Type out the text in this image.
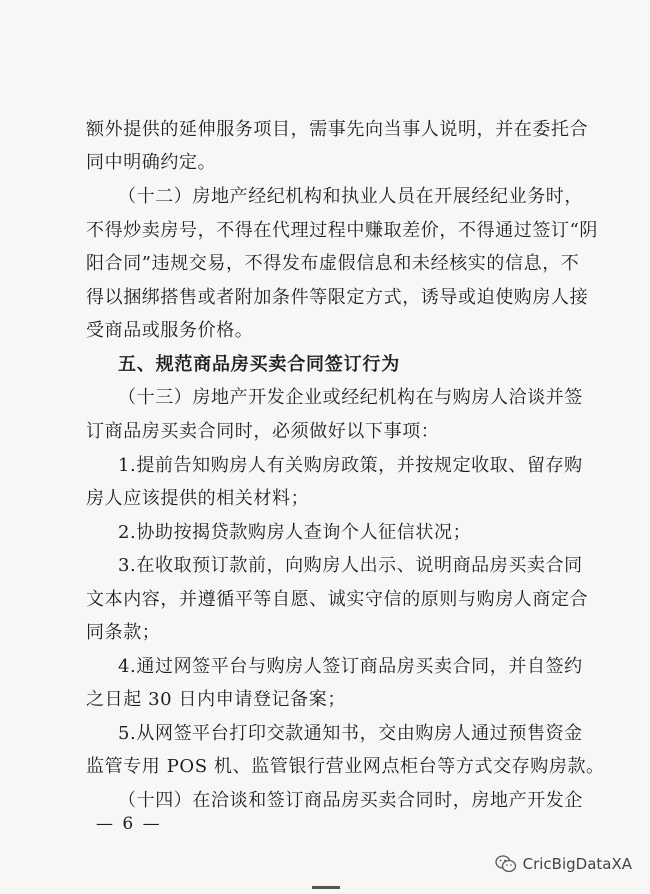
额外提供的延伸服务项目，需事先向当事人说明，并在委托合
同中明确约定。
（十二）房地产经纪机构和执业人员在开展经纪业务时，
不得炒卖房号，不得在代理过程中赚取差价，不得通过签订“阴
阳合同”违规交易，不得发布虚假信息和未经核实的信息，不
得以捆绑搭售或者附加条件等限定方式，诱导或迫使购房人接
受商品或服务价格。
五、规范商品房买卖合同签订行为
（十三）房地产开发企业或经纪机构在与购房人洽谈并签
订商品房买卖合同时，必须做好以下事项：
1.提前告知购房人有关购房政策，并按规定收取、留存购
房人应该提供的相关材料；
2.协助按揭贷款购房人查询个人征信状况；
3.在收取预订款前，向购房人出示、说明商品房买卖合同
文本内容，并遵循平等自愿、诚实守信的原则与购房人商定合
同条款；
4.通过网签平台与购房人签订商品房买卖合同，并自签约
之日起 30 日内申请登记备案；
5.从网签平台打印交款通知书，交由购房人通过预售资金
监管专用 POS 机、监管银行营业网点柜台等方式交存购房款。
（十四）在洽谈和签订商品房买卖合同时，房地产开发企
— 6 —
CricBigDataXA
